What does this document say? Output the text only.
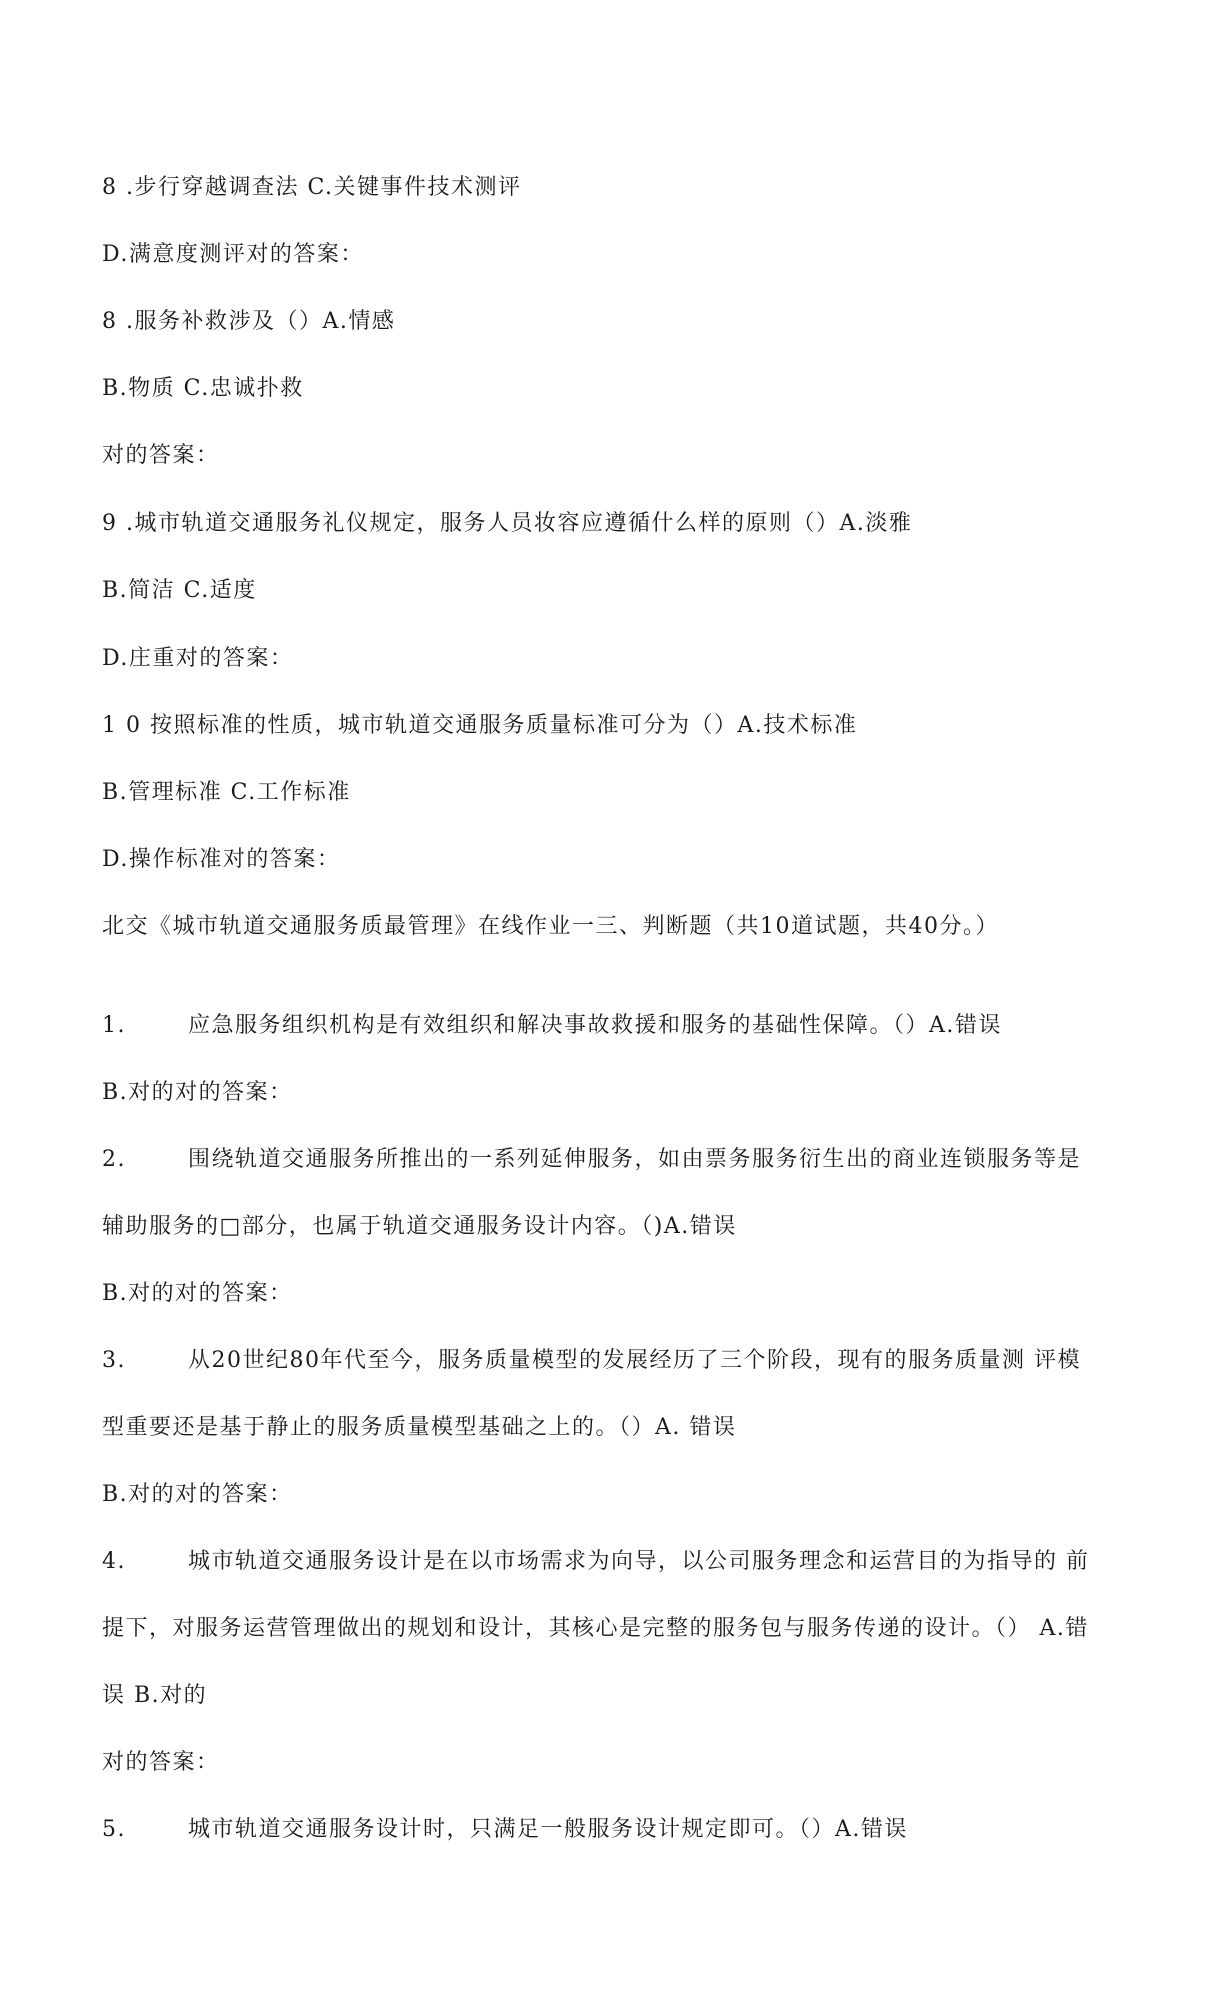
8 .步行穿越调查法 C.关键事件技术测评
D.满意度测评对的答案：
8 .服务补救涉及（）A.情感
B.物质 C.忠诚扑救
对的答案：
9 .城市轨道交通服务礼仪规定，服务人员妆容应遵循什么样的原则（）A.淡雅
B.简洁 C.适度
D.庄重对的答案：
1 0 按照标准的性质，城市轨道交通服务质量标准可分为（）A.技术标准
B.管理标准 C.工作标准
D.操作标准对的答案：
北交《城市轨道交通服务质最管理》在线作业一三、判断题（共10道试题，共40分。）
1.	应急服务组织机构是有效组织和解决事故救援和服务的基础性保障。（）A.错误
B.对的对的答案：
2.	围绕轨道交通服务所推出的一系列延伸服务，如由票务服务衍生出的商业连锁服务等是
辅助服务的□部分，也属于轨道交通服务设计内容。（)A.错误
B.对的对的答案：
3.	从20世纪80年代至今，服务质量模型的发展经历了三个阶段，现有的服务质量测 评模
型重要还是基于静止的服务质量模型基础之上的。（）A. 错误
B.对的对的答案：
4.	城市轨道交通服务设计是在以市场需求为向导，以公司服务理念和运营目的为指导的 前
提下，对服务运营管理做出的规划和设计，其核心是完整的服务包与服务传递的设计。（） A.错
误 B.对的
对的答案：
5.	城市轨道交通服务设计时，只满足一般服务设计规定即可。（）A.错误
